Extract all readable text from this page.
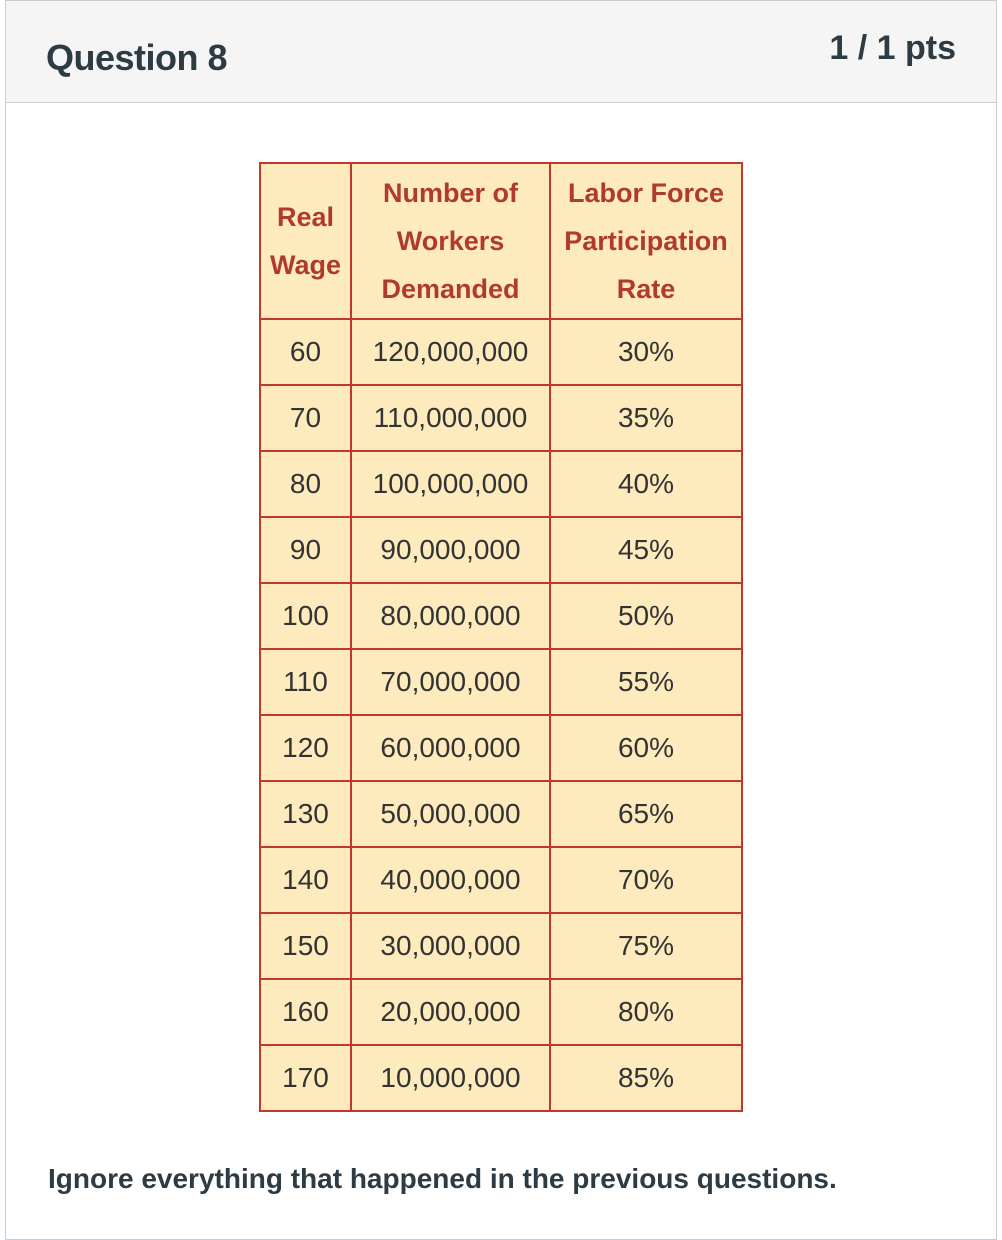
Question 8	1 / 1 pts
Real Wage	Number of Workers Demanded	Labor Force Participation Rate
60	120,000,000	30%
70	110,000,000	35%
80	100,000,000	40%
90	90,000,000	45%
100	80,000,000	50%
110	70,000,000	55%
120	60,000,000	60%
130	50,000,000	65%
140	40,000,000	70%
150	30,000,000	75%
160	20,000,000	80%
170	10,000,000	85%
Ignore everything that happened in the previous questions.
